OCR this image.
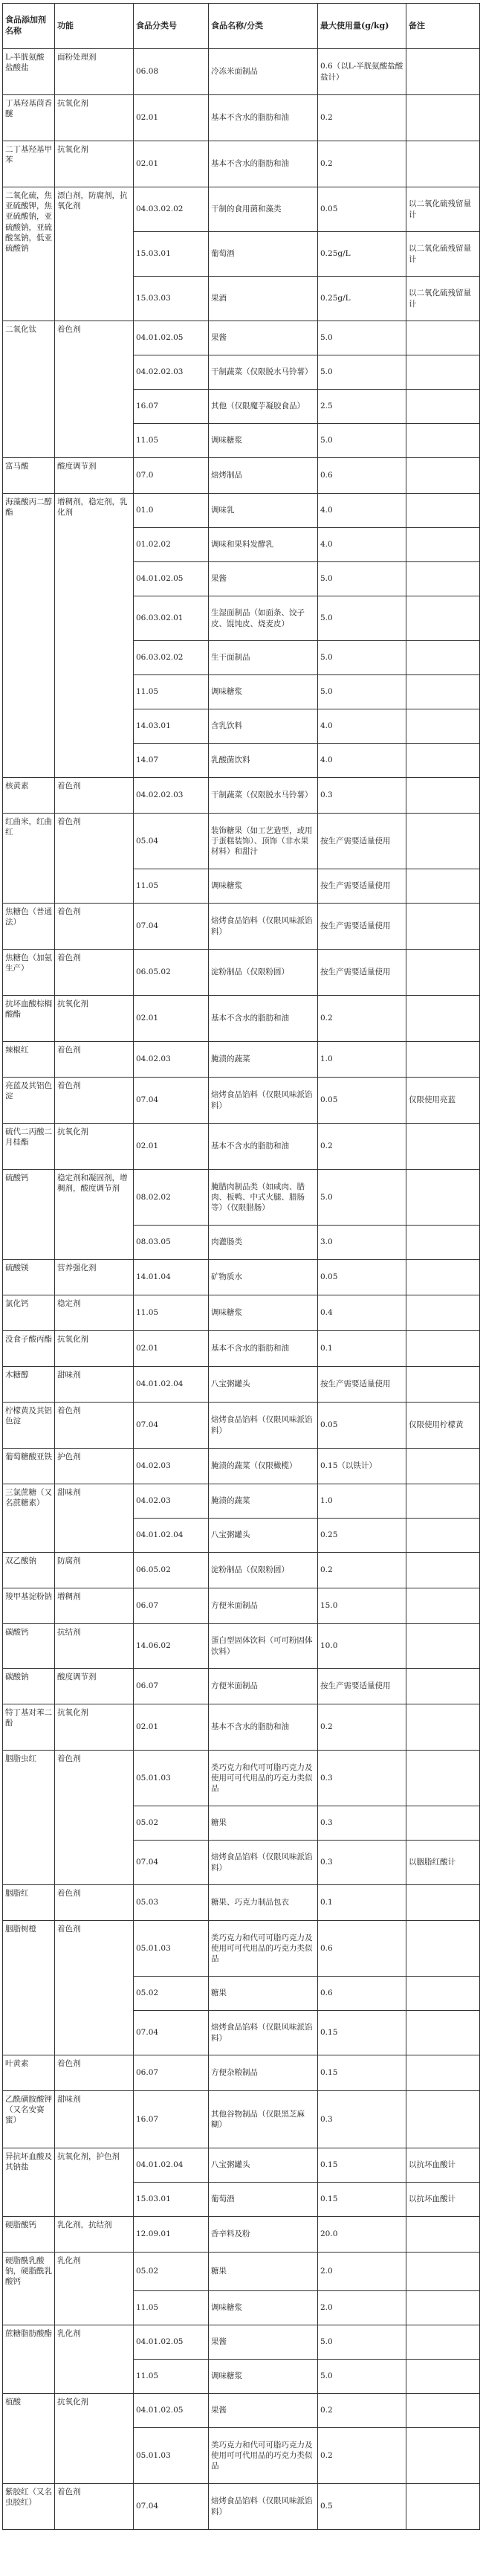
食品添加剂名称	功能	食品分类号	食品名称/分类	最大使用量(g/kg)	备注
L-半胱氨酸盐酸盐	面粉处理剂	06.08	冷冻米面制品	0.6（以L-半胱氨酸盐酸盐计）	
丁基羟基茴香醚	抗氧化剂	02.01	基本不含水的脂肪和油	0.2	
二丁基羟基甲苯	抗氧化剂	02.01	基本不含水的脂肪和油	0.2	
二氧化硫，焦亚硫酸钾，焦亚硫酸钠，亚硫酸钠，亚硫酸氢钠，低亚硫酸钠	漂白剂，防腐剂，抗氧化剂	04.03.02.02	干制的食用菌和藻类	0.05	以二氧化硫残留量计
		15.03.01	葡萄酒	0.25g/L	以二氧化硫残留量计
		15.03.03	果酒	0.25g/L	以二氧化硫残留量计
二氧化钛	着色剂	04.01.02.05	果酱	5.0	
		04.02.02.03	干制蔬菜（仅限脱水马铃薯）	5.0	
		16.07	其他（仅限魔芋凝胶食品）	2.5	
		11.05	调味糖浆	5.0	
富马酸	酸度调节剂	07.0	焙烤制品	0.6	
海藻酸丙二醇酯	增稠剂，稳定剂，乳化剂	01.0	调味乳	4.0	
		01.02.02	调味和果料发酵乳	4.0	
		04.01.02.05	果酱	5.0	
		06.03.02.01	生湿面制品（如面条、饺子皮、馄饨皮、烧麦皮）	5.0	
		06.03.02.02	生干面制品	5.0	
		11.05	调味糖浆	5.0	
		14.03.01	含乳饮料	4.0	
		14.07	乳酸菌饮料	4.0	
核黄素	着色剂	04.02.02.03	干制蔬菜（仅限脱水马铃薯）	0.3	
红曲米，红曲红	着色剂	05.04	装饰糖果（如工艺造型，或用于蛋糕装饰）、顶饰（非水果材料）和甜汁	按生产需要适量使用	
		11.05	调味糖浆	按生产需要适量使用	
焦糖色（普通法）	着色剂	07.04	焙烤食品馅料（仅限风味派馅料）	按生产需要适量使用	
焦糖色（加氨生产）	着色剂	06.05.02	淀粉制品（仅限粉圆）	按生产需要适量使用	
抗坏血酸棕榈酸酯	抗氧化剂	02.01	基本不含水的脂肪和油	0.2	
辣椒红	着色剂	04.02.03	腌渍的蔬菜	1.0	
亮蓝及其铝色淀	着色剂	07.04	焙烤食品馅料（仅限风味派馅料）	0.05	仅限使用亮蓝
硫代二丙酸二月桂酯	抗氧化剂	02.01	基本不含水的脂肪和油	0.2	
硫酸钙	稳定剂和凝固剂，增稠剂，酸度调节剂	08.02.02	腌腊肉制品类（如咸肉、腊肉、板鸭、中式火腿、腊肠等）（仅限腊肠）	5.0	
		08.03.05	肉灌肠类	3.0	
硫酸镁	营养强化剂	14.01.04	矿物质水	0.05	
氯化钙	稳定剂	11.05	调味糖浆	0.4	
没食子酸丙酯	抗氧化剂	02.01	基本不含水的脂肪和油	0.1	
木糖醇	甜味剂	04.01.02.04	八宝粥罐头	按生产需要适量使用	
柠檬黄及其铝色淀	着色剂	07.04	焙烤食品馅料（仅限风味派馅料）	0.05	仅限使用柠檬黄
葡萄糖酸亚铁	护色剂	04.02.03	腌渍的蔬菜（仅限橄榄）	0.15（以铁计）	
三氯蔗糖（又名蔗糖素）	甜味剂	04.02.03	腌渍的蔬菜	1.0	
		04.01.02.04	八宝粥罐头	0.25	
双乙酸钠	防腐剂	06.05.02	淀粉制品（仅限粉圆）	0.2	
羧甲基淀粉钠	增稠剂	06.07	方便米面制品	15.0	
碳酸钙	抗结剂	14.06.02	蛋白型固体饮料（可可粉固体饮料）	10.0	
碳酸钠	酸度调节剂	06.07	方便米面制品	按生产需要适量使用	
特丁基对苯二酚	抗氧化剂	02.01	基本不含水的脂肪和油	0.2	
胭脂虫红	着色剂	05.01.03	类巧克力和代可可脂巧克力及使用可可代用品的巧克力类似品	0.3	
		05.02	糖果	0.3	
		07.04	焙烤食品馅料（仅限风味派馅料）	0.3	以胭脂红酸计
胭脂红	着色剂	05.03	糖果、巧克力制品包衣	0.1	
胭脂树橙	着色剂	05.01.03	类巧克力和代可可脂巧克力及使用可可代用品的巧克力类似品	0.6	
		05.02	糖果	0.6	
		07.04	焙烤食品馅料（仅限风味派馅料）	0.15	
叶黄素	着色剂	06.07	方便杂粮制品	0.15	
乙酰磺胺酸钾（又名安赛蜜）	甜味剂	16.07	其他谷物制品（仅限黑芝麻糊）	0.3	
异抗坏血酸及其钠盐	抗氧化剂，护色剂	04.01.02.04	八宝粥罐头	0.15	以抗坏血酸计
		15.03.01	葡萄酒	0.15	以抗坏血酸计
硬脂酸钙	乳化剂，抗结剂	12.09.01	香辛料及粉	20.0	
硬脂酰乳酸钠，硬脂酰乳酸钙	乳化剂	05.02	糖果	2.0	
		11.05	调味糖浆	2.0	
蔗糖脂肪酸酯	乳化剂	04.01.02.05	果酱	5.0	
		11.05	调味糖浆	5.0	
植酸	抗氧化剂	04.01.02.05	果酱	0.2	
		05.01.03	类巧克力和代可可脂巧克力及使用可可代用品的巧克力类似品	0.2	
紫胶红（又名虫胶红）	着色剂	07.04	焙烤食品馅料（仅限风味派馅料）	0.5	
